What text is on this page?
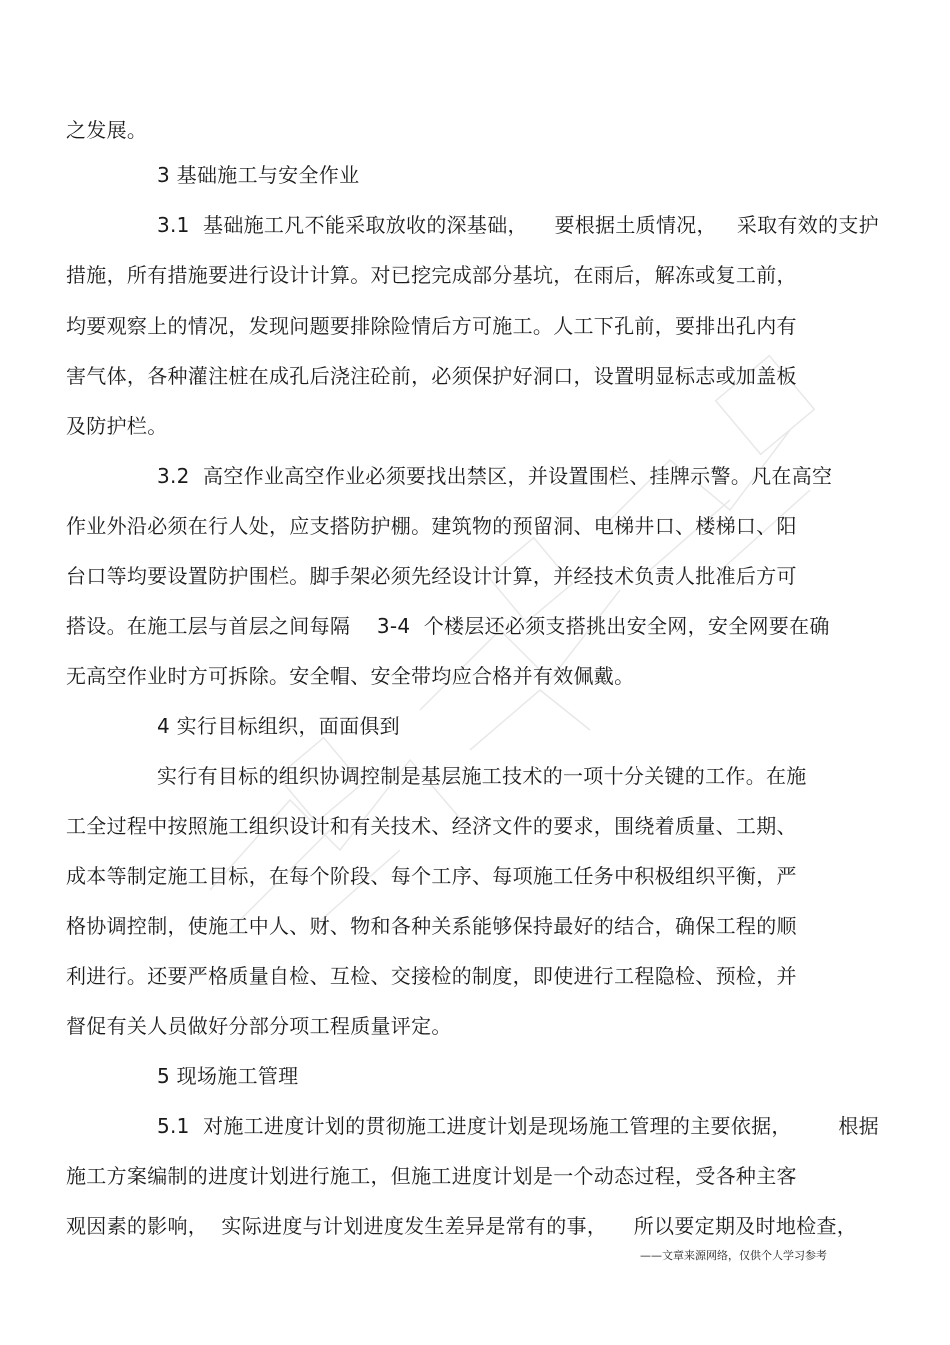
之发展。
3 基础施工与安全作业
3.1  基础施工凡不能采取放收的深基础，    要根据土质情况，   采取有效的支护
措施，所有措施要进行设计计算。对已挖完成部分基坑，在雨后，解冻或复工前，
均要观察上的情况，发现问题要排除险情后方可施工。人工下孔前，要排出孔内有
害气体，各种灌注桩在成孔后浇注砼前，必须保护好洞口，设置明显标志或加盖板
及防护栏。
3.2  高空作业高空作业必须要找出禁区，并设置围栏、挂牌示警。凡在高空
作业外沿必须在行人处，应支搭防护棚。建筑物的预留洞、电梯井口、楼梯口、阳
台口等均要设置防护围栏。脚手架必须先经设计计算，并经技术负责人批准后方可
搭设。在施工层与首层之间每隔    3-4  个楼层还必须支搭挑出安全网，安全网要在确
无高空作业时方可拆除。安全帽、安全带均应合格并有效佩戴。
4 实行目标组织，面面俱到
实行有目标的组织协调控制是基层施工技术的一项十分关键的工作。在施
工全过程中按照施工组织设计和有关技术、经济文件的要求，围绕着质量、工期、
成本等制定施工目标，在每个阶段、每个工序、每项施工任务中积极组织平衡，严
格协调控制，使施工中人、财、物和各种关系能够保持最好的结合，确保工程的顺
利进行。还要严格质量自检、互检、交接检的制度，即使进行工程隐检、预检，并
督促有关人员做好分部分项工程质量评定。
5 现场施工管理
5.1  对施工进度计划的贯彻施工进度计划是现场施工管理的主要依据，       根据
施工方案编制的进度计划进行施工，但施工进度计划是一个动态过程，受各种主客
观因素的影响，  实际进度与计划进度发生差异是常有的事，    所以要定期及时地检查，
——文章来源网络，仅供个人学习参考
